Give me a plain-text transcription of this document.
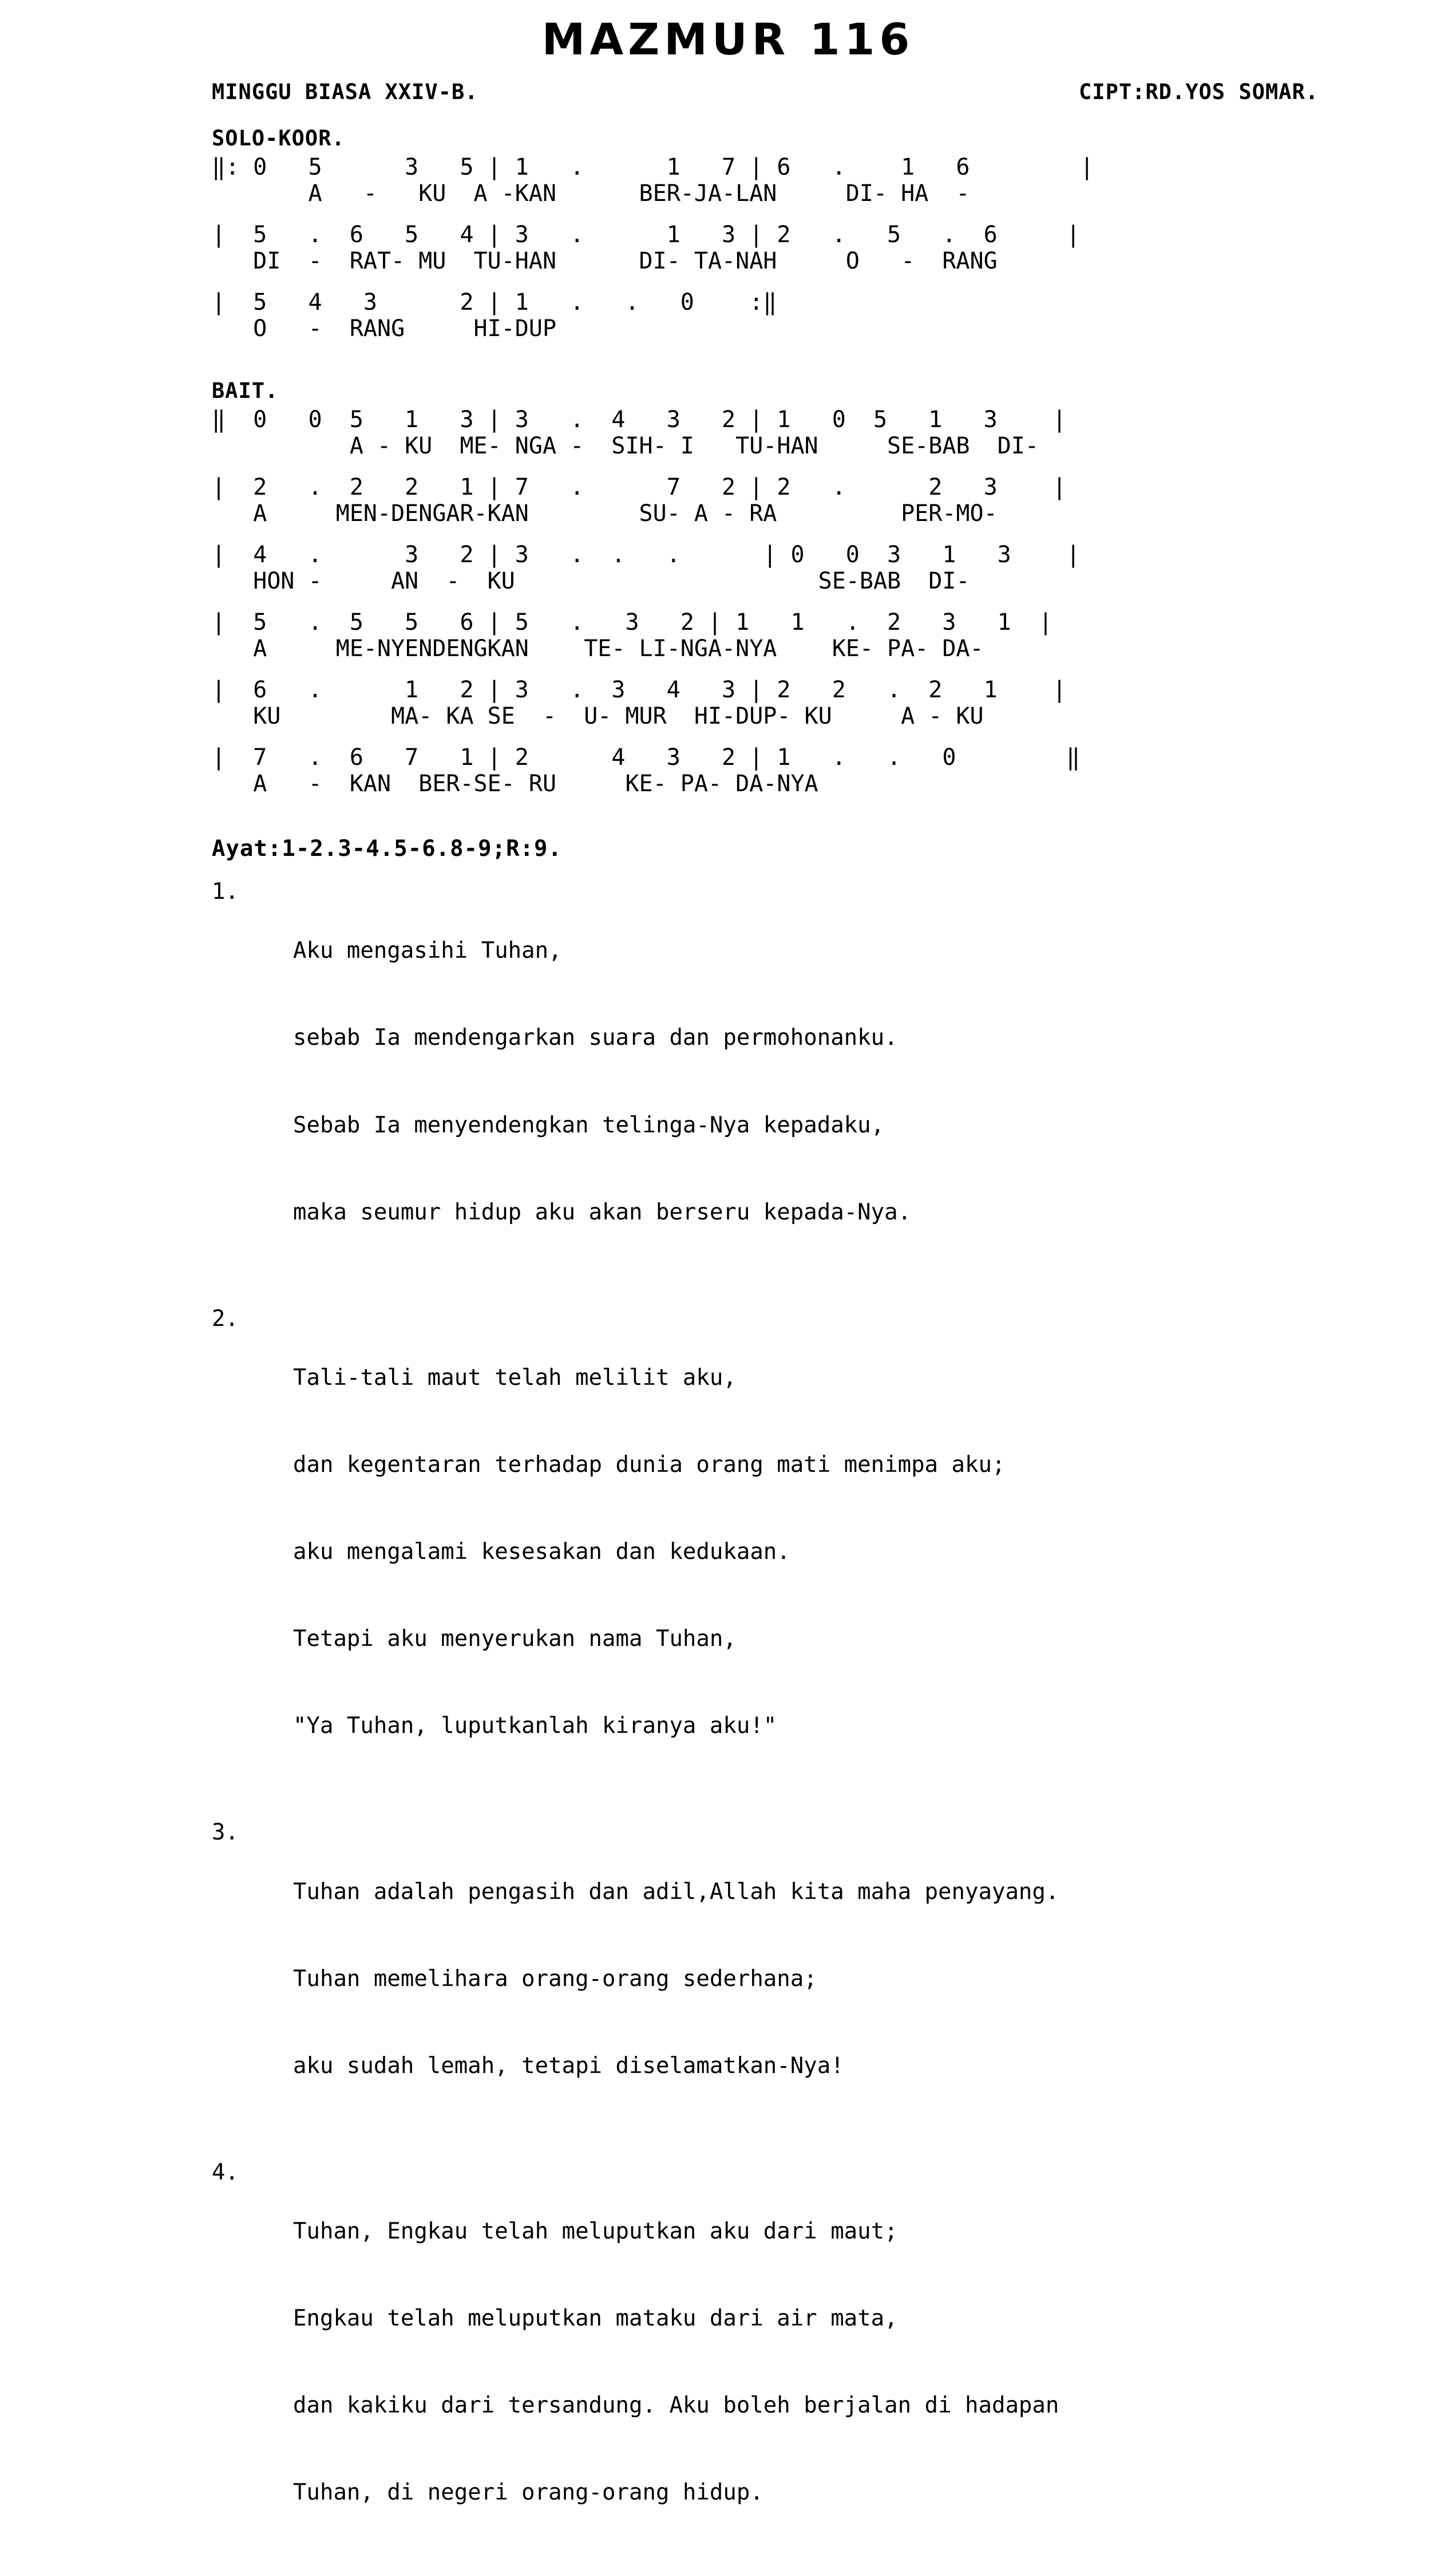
MAZMUR 116
MINGGU BIASA XXIV-B.	CIPT:RD.YOS SOMAR.
SOLO-KOOR.
‖: 0   5      3   5 | 1   .      1   7 | 6   .    1   6        |
A   -   KU  A -KAN      BER-JA-LAN     DI- HA  -
|  5   .  6   5   4 | 3   .      1   3 | 2   .   5   .  6     |
DI  -  RAT- MU  TU-HAN      DI- TA-NAH     O   -  RANG
|  5   4   3      2 | 1   .   .   0    :‖
O   -  RANG     HI-DUP
BAIT.
‖  0   0  5   1   3 | 3   .  4   3   2 | 1   0  5   1   3    |
A - KU  ME- NGA -  SIH- I   TU-HAN     SE-BAB  DI-
|  2   .  2   2   1 | 7   .      7   2 | 2   .      2   3    |
A     MEN-DENGAR-KAN        SU- A - RA         PER-MO-
|  4   .      3   2 | 3   .  .   .      | 0   0  3   1   3    |
HON -     AN  -  KU                      SE-BAB  DI-
|  5   .  5   5   6 | 5   .   3   2 | 1   1   .  2   3   1  |
A     ME-NYENDENGKAN    TE- LI-NGA-NYA    KE- PA- DA-
|  6   .      1   2 | 3   .  3   4   3 | 2   2   .  2   1    |
KU        MA- KA SE  -  U- MUR  HI-DUP- KU     A - KU
|  7   .  6   7   1 | 2      4   3   2 | 1   .   .   0        ‖
A   -  KAN  BER-SE- RU     KE- PA- DA-NYA
Ayat:1-2.3-4.5-6.8-9;R:9.
1.

Aku mengasihi Tuhan,

sebab Ia mendengarkan suara dan permohonanku.

Sebab Ia menyendengkan telinga-Nya kepadaku,

maka seumur hidup aku akan berseru kepada-Nya.

2.

Tali-tali maut telah melilit aku,

dan kegentaran terhadap dunia orang mati menimpa aku;

aku mengalami kesesakan dan kedukaan.

Tetapi aku menyerukan nama Tuhan,

"Ya Tuhan, luputkanlah kiranya aku!"

3.

Tuhan adalah pengasih dan adil,Allah kita maha penyayang.

Tuhan memelihara orang-orang sederhana;

aku sudah lemah, tetapi diselamatkan-Nya!

4.

Tuhan, Engkau telah meluputkan aku dari maut;

Engkau telah meluputkan mataku dari air mata,

dan kakiku dari tersandung. Aku boleh berjalan di hadapan

Tuhan, di negeri orang-orang hidup.
